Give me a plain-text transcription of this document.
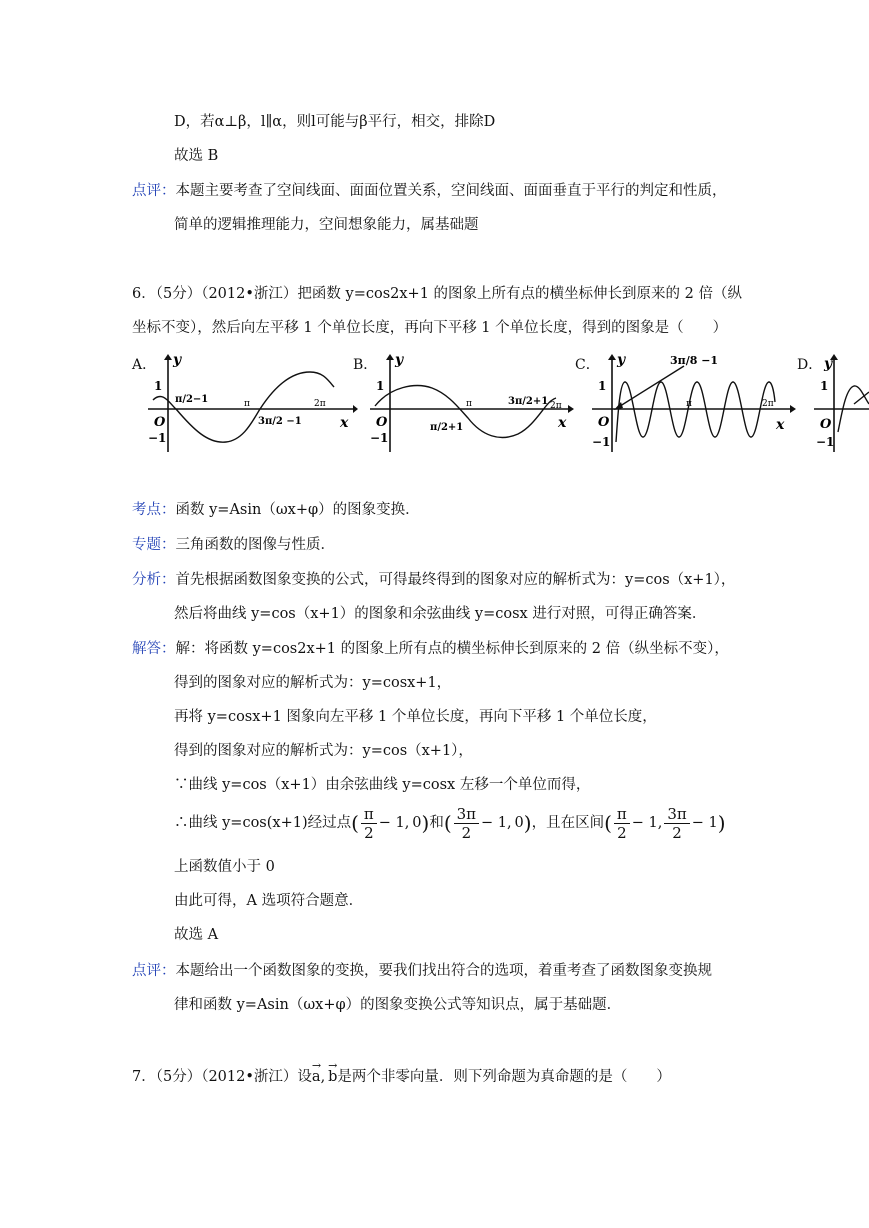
D，若α⊥β，l∥α，则l可能与β平行，相交，排除D
故选 B
点评：本题主要考查了空间线面、面面位置关系，空间线面、面面垂直于平行的判定和性质，
简单的逻辑推理能力，空间想象能力，属基础题
6．（5分）（2012•浙江）把函数 y=cos2x+1 的图象上所有点的横坐标伸长到原来的 2 倍（纵
坐标不变），然后向左平移 1 个单位长度，再向下平移 1 个单位长度，得到的图象是（　　）
A．	B．	C．	D．
y
x
1
O
−1
π/2−1	π
3π/2 −1
2π
y
x
1
O
−1
π/2+1
π	3π/2+1 2π
y
x
1
O
−1
3π/8 −1
π	2π
y
1
O
−1
考点：函数 y=Asin（ωx+φ）的图象变换．
专题：三角函数的图像与性质．
分析：首先根据函数图象变换的公式，可得最终得到的图象对应的解析式为：y=cos（x+1），
然后将曲线 y=cos（x+1）的图象和余弦曲线 y=cosx 进行对照，可得正确答案．
解答：解：将函数 y=cos2x+1 的图象上所有点的横坐标伸长到原来的 2 倍（纵坐标不变），
得到的图象对应的解析式为：y=cosx+1，
再将 y=cosx+1 图象向左平移 1 个单位长度，再向下平移 1 个单位长度，
得到的图象对应的解析式为：y=cos（x+1），
∵曲线 y=cos（x+1）由余弦曲线 y=cosx 左移一个单位而得，
∴曲线 y=cos(x+1)经过点( $\frac{\pi}{2} - 1$, 0)和( $\frac{3\pi}{2} - 1$, 0)，且在区间( $\frac{\pi}{2} - 1$, $\frac{3\pi}{2} - 1$)
上函数值小于 0
由此可得，A 选项符合题意．
故选 A
点评：本题给出一个函数图象的变换，要我们找出符合的选项，着重考查了函数图象变换规
律和函数 y=Asin（ωx+φ）的图象变换公式等知识点，属于基础题．
7．（5分）（2012•浙江）设→ a, → b是两个非零向量．则下列命题为真命题的是（　　）
